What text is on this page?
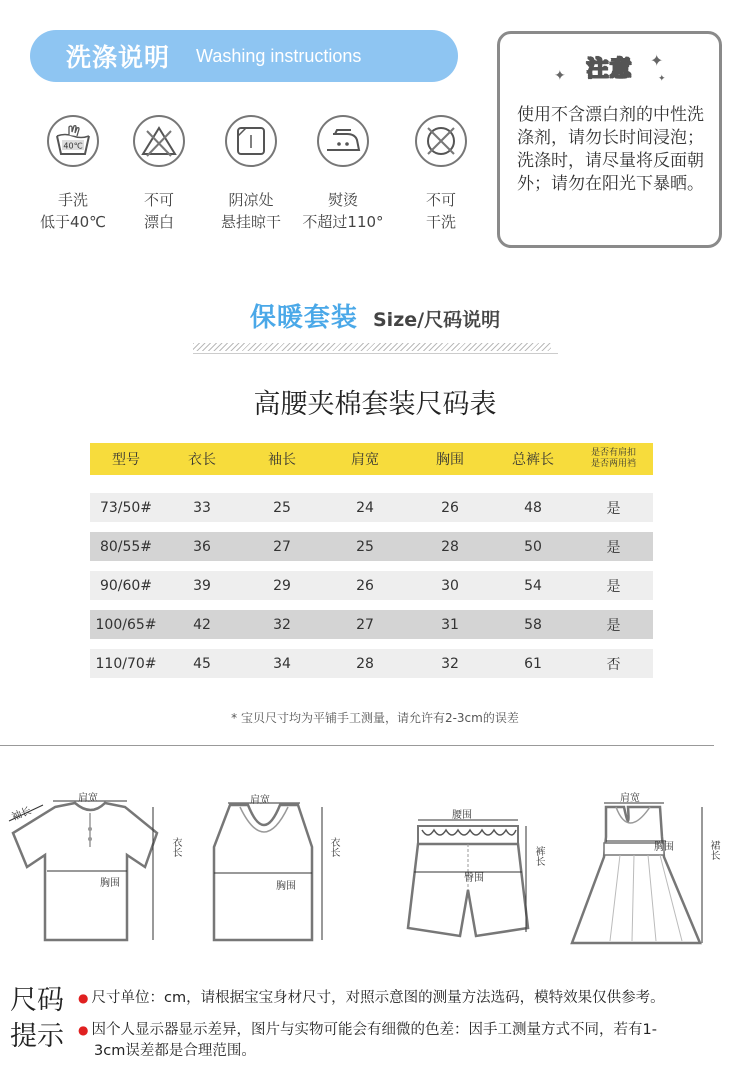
洗涤说明 Washing instructions
40℃
手洗
低于40℃
不可
漂白
阴凉处
悬挂晾干
熨烫
不超过110°
不可
干洗
✦
✦
✦
注意
使用不含漂白剂的中性洗涤剂，请勿长时间浸泡；洗涤时，请尽量将反面朝外；请勿在阳光下暴晒。
保暖套装 Size/尺码说明
高腰夹棉套装尺码表
型号	衣长	袖长	肩宽	胸围	总裤长	是否有肩扣
是否两用裆
73/50#	33	25	24	26	48	是
80/55#	36	27	25	28	50	是
90/60#	39	29	26	30	54	是
100/65#	42	32	27	31	58	是
110/70#	45	34	28	32	61	否
* 宝贝尺寸均为平铺手工测量，请允许有2-3cm的误差
肩宽
袖长
胸围
衣长
肩宽
胸围
衣长
腰围
臀围
裤长
肩宽
胸围	裙长
尺码
提示
● 尺寸单位：cm，请根据宝宝身材尺寸，对照示意图的测量方法选码，模特效果仅供参考。
● 因个人显示器显示差异，图片与实物可能会有细微的色差：因手工测量方式不同，若有1-
3cm误差都是合理范围。
